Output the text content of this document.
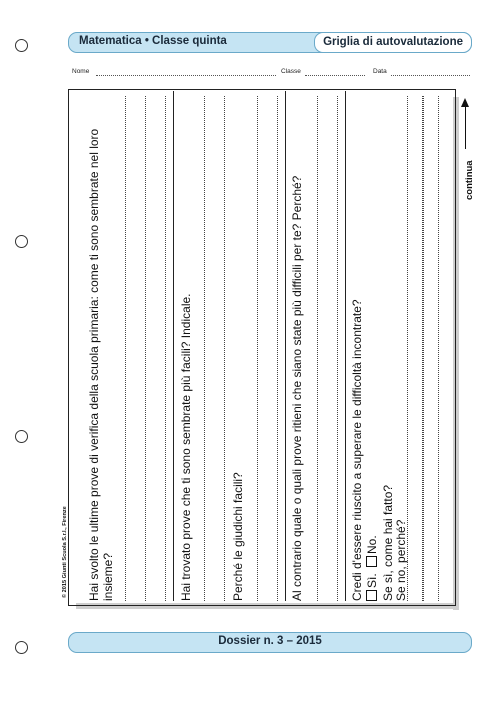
Matematica • Classe quinta	Griglia di autovalutazione
Nome	Classe	Data
Hai svolto le ultime prove di verifica della scuola primaria: come ti sono sembrate nel loro insieme?	Hai trovato prove che ti sono sembrate più facili? Indicale.	Perché le giudichi facili?	Al contrario quale o quali prove ritieni che siano state più difficili per te? Perché?	Credi d'essere riuscito a superare le difficoltà incontrate? Sì. No. Se sì, come hai fatto? Se no, perché?
continua
© 2015 Giunti Scuola S.r.l., Firenze
Dossier n. 3 – 2015
